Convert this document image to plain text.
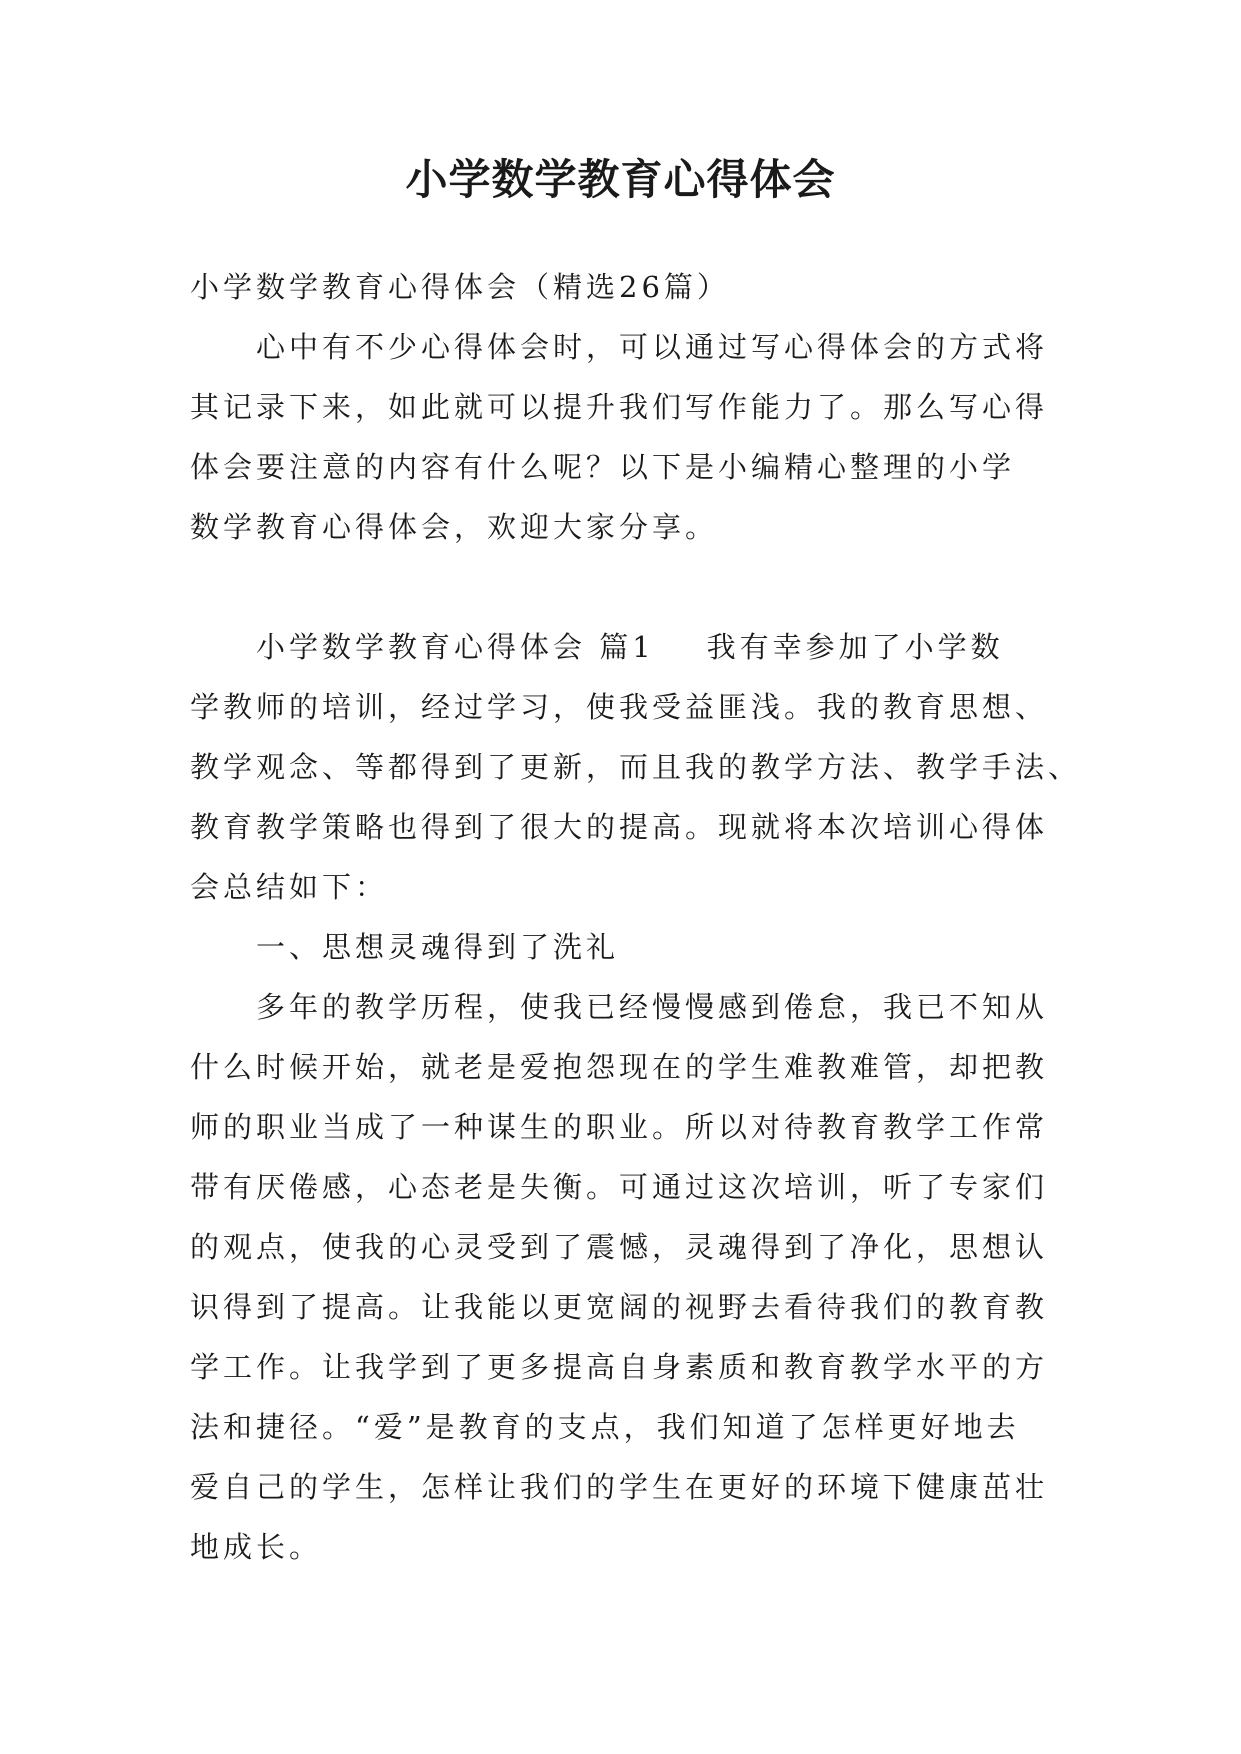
小学数学教育心得体会
小学数学教育心得体会（精选26篇）
心中有不少心得体会时，可以通过写心得体会的方式将
其记录下来，如此就可以提升我们写作能力了。那么写心得
体会要注意的内容有什么呢？以下是小编精心整理的小学
数学教育心得体会，欢迎大家分享。
小学数学教育心得体会 篇1 我有幸参加了小学数
学教师的培训，经过学习，使我受益匪浅。我的教育思想、
教学观念、等都得到了更新，而且我的教学方法、教学手法、
教育教学策略也得到了很大的提高。现就将本次培训心得体
会总结如下：
一、思想灵魂得到了洗礼
多年的教学历程，使我已经慢慢感到倦怠，我已不知从
什么时候开始，就老是爱抱怨现在的学生难教难管，却把教
师的职业当成了一种谋生的职业。所以对待教育教学工作常
带有厌倦感，心态老是失衡。可通过这次培训，听了专家们
的观点，使我的心灵受到了震憾，灵魂得到了净化，思想认
识得到了提高。让我能以更宽阔的视野去看待我们的教育教
学工作。让我学到了更多提高自身素质和教育教学水平的方
法和捷径。“爱”是教育的支点，我们知道了怎样更好地去
爱自己的学生，怎样让我们的学生在更好的环境下健康茁壮
地成长。
